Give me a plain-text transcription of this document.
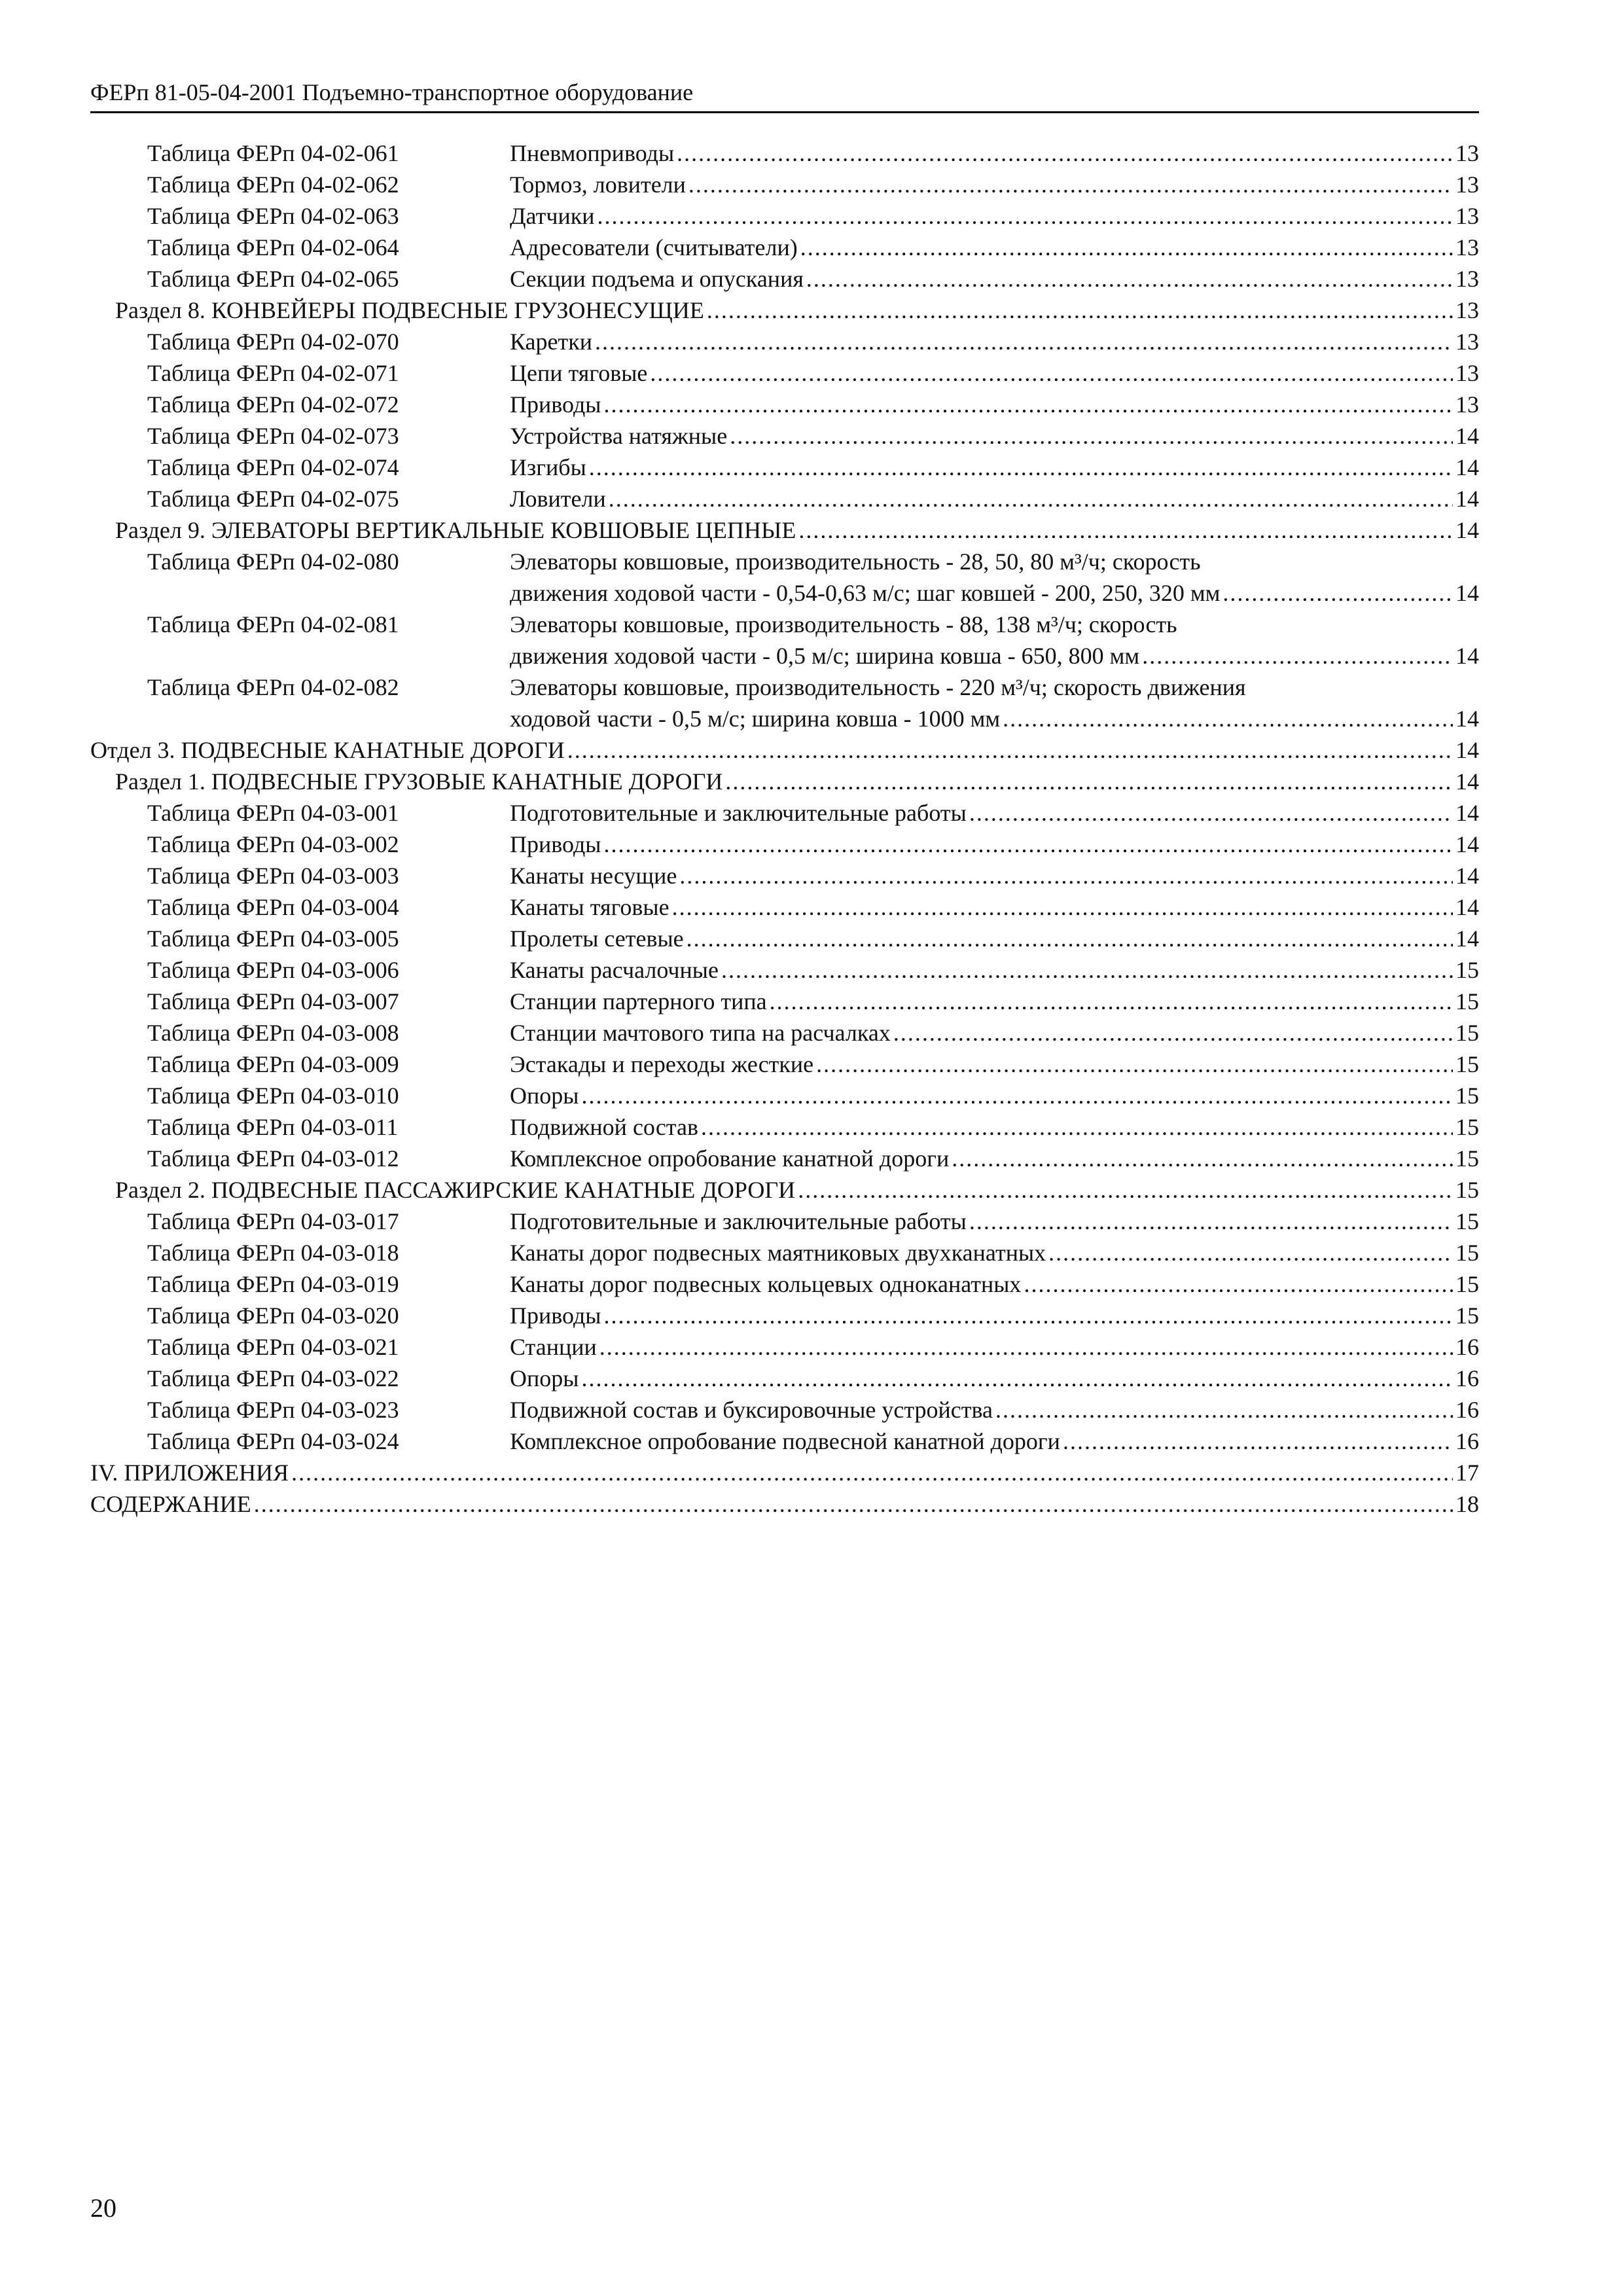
ФЕРп 81-05-04-2001 Подъемно-транспортное оборудование
Таблица ФЕРп 04-02-061	Пневмоприводы .....	13
Таблица ФЕРп 04-02-062	Тормоз, ловители .....	13
Таблица ФЕРп 04-02-063	Датчики .....	13
Таблица ФЕРп 04-02-064	Адресователи (считыватели) .....	13
Таблица ФЕРп 04-02-065	Секции подъема и опускания .....	13
Раздел 8. КОНВЕЙЕРЫ ПОДВЕСНЫЕ ГРУЗОНЕСУЩИЕ .....	13
Таблица ФЕРп 04-02-070	Каретки .....	13
Таблица ФЕРп 04-02-071	Цепи тяговые .....	13
Таблица ФЕРп 04-02-072	Приводы .....	13
Таблица ФЕРп 04-02-073	Устройства натяжные .....	14
Таблица ФЕРп 04-02-074	Изгибы .....	14
Таблица ФЕРп 04-02-075	Ловители .....	14
Раздел 9. ЭЛЕВАТОРЫ ВЕРТИКАЛЬНЫЕ КОВШОВЫЕ ЦЕПНЫЕ .....	14
Таблица ФЕРп 04-02-080	Элеваторы ковшовые, производительность - 28, 50, 80 м³/ч; скорость
движения ходовой части - 0,54-0,63 м/с; шаг ковшей - 200, 250, 320 мм .....	14
Таблица ФЕРп 04-02-081	Элеваторы ковшовые, производительность - 88, 138 м³/ч; скорость
движения ходовой части - 0,5 м/с; ширина ковша - 650, 800 мм .....	14
Таблица ФЕРп 04-02-082	Элеваторы ковшовые, производительность - 220 м³/ч; скорость движения
ходовой части - 0,5 м/с; ширина ковша - 1000 мм .....	14
Отдел 3. ПОДВЕСНЫЕ КАНАТНЫЕ ДОРОГИ .....	14
Раздел 1. ПОДВЕСНЫЕ ГРУЗОВЫЕ КАНАТНЫЕ ДОРОГИ .....	14
Таблица ФЕРп 04-03-001	Подготовительные и заключительные работы .....	14
Таблица ФЕРп 04-03-002	Приводы .....	14
Таблица ФЕРп 04-03-003	Канаты несущие .....	14
Таблица ФЕРп 04-03-004	Канаты тяговые .....	14
Таблица ФЕРп 04-03-005	Пролеты сетевые .....	14
Таблица ФЕРп 04-03-006	Канаты расчалочные .....	15
Таблица ФЕРп 04-03-007	Станции партерного типа .....	15
Таблица ФЕРп 04-03-008	Станции мачтового типа на расчалках .....	15
Таблица ФЕРп 04-03-009	Эстакады и переходы жесткие .....	15
Таблица ФЕРп 04-03-010	Опоры .....	15
Таблица ФЕРп 04-03-011	Подвижной состав .....	15
Таблица ФЕРп 04-03-012	Комплексное опробование канатной дороги .....	15
Раздел 2. ПОДВЕСНЫЕ ПАССАЖИРСКИЕ КАНАТНЫЕ ДОРОГИ .....	15
Таблица ФЕРп 04-03-017	Подготовительные и заключительные работы .....	15
Таблица ФЕРп 04-03-018	Канаты дорог подвесных маятниковых двухканатных .....	15
Таблица ФЕРп 04-03-019	Канаты дорог подвесных кольцевых одноканатных .....	15
Таблица ФЕРп 04-03-020	Приводы .....	15
Таблица ФЕРп 04-03-021	Станции .....	16
Таблица ФЕРп 04-03-022	Опоры .....	16
Таблица ФЕРп 04-03-023	Подвижной состав и буксировочные устройства .....	16
Таблица ФЕРп 04-03-024	Комплексное опробование подвесной канатной дороги .....	16
IV. ПРИЛОЖЕНИЯ .....	17
СОДЕРЖАНИЕ .....	18
20
